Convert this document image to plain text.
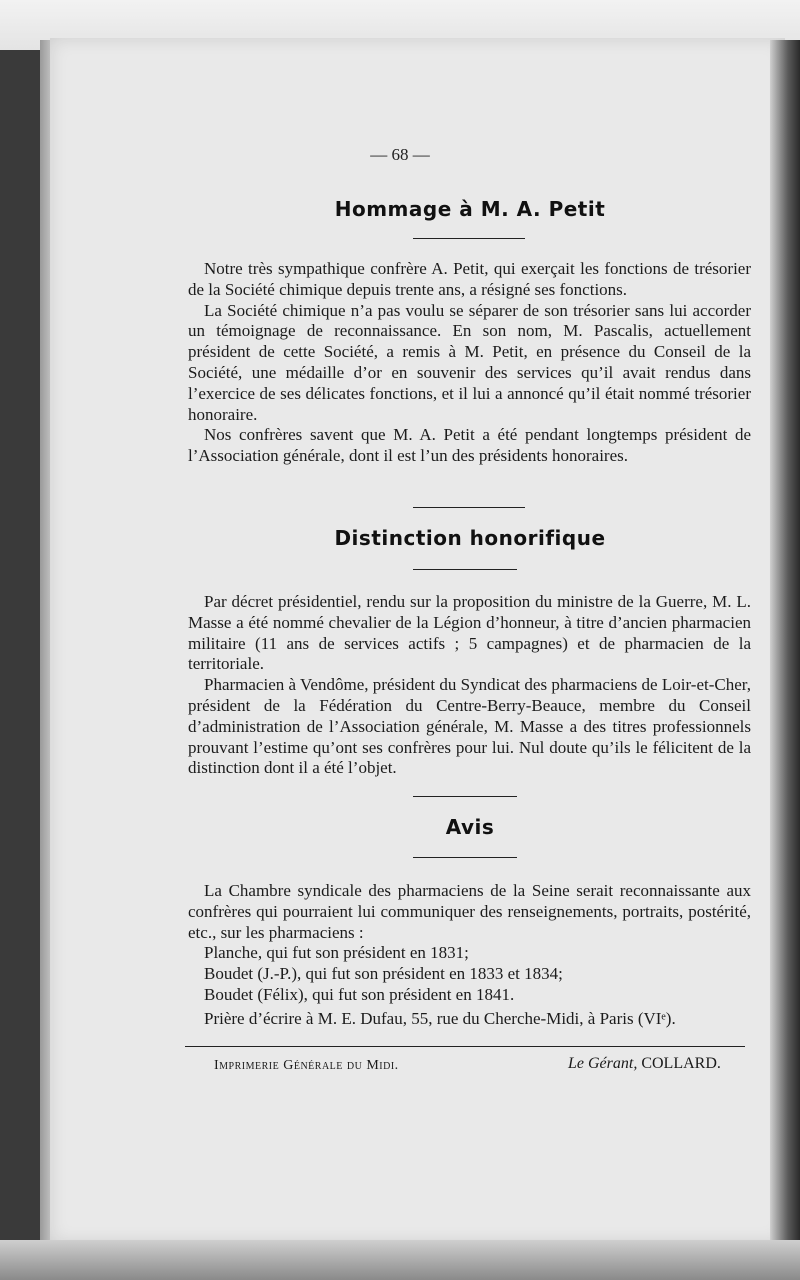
— 68 —
Hommage à M. A. Petit

Notre très sympathique confrère A. Petit, qui exerçait les fonctions de trésorier de la Société chimique depuis trente ans, a résigné ses fonctions.

La Société chimique n’a pas voulu se séparer de son trésorier sans lui accorder un témoignage de reconnaissance. En son nom, M. Pascalis, actuellement président de cette Société, a remis à M. Petit, en présence du Conseil de la Société, une médaille d’or en souvenir des services qu’il avait rendus dans l’exercice de ses délicates fonctions, et il lui a annoncé qu’il était nommé trésorier honoraire.

Nos confrères savent que M. A. Petit a été pendant longtemps président de l’Association générale, dont il est l’un des présidents honoraires.

Distinction honorifique

Par décret présidentiel, rendu sur la proposition du ministre de la Guerre, M. L. Masse a été nommé chevalier de la Légion d’honneur, à titre d’ancien pharmacien militaire (11 ans de services actifs ; 5 campagnes) et de pharmacien de la territoriale.

Pharmacien à Vendôme, président du Syndicat des pharmaciens de Loir-et-Cher, président de la Fédération du Centre-Berry-Beauce, membre du Conseil d’administration de l’Association générale, M. Masse a des titres professionnels prouvant l’estime qu’ont ses confrères pour lui. Nul doute qu’ils le félicitent de la distinction dont il a été l’objet.

Avis

La Chambre syndicale des pharmaciens de la Seine serait reconnaissante aux confrères qui pourraient lui communiquer des renseignements, portraits, postérité, etc., sur les pharmaciens :

Planche, qui fut son président en 1831;

Boudet (J.-P.), qui fut son président en 1833 et 1834;

Boudet (Félix), qui fut son président en 1841.

Prière d’écrire à M. E. Dufau, 55, rue du Cherche-Midi, à Paris (VIᵉ).

Imprimerie Générale du Midi.	Le Gérant, COLLARD.
